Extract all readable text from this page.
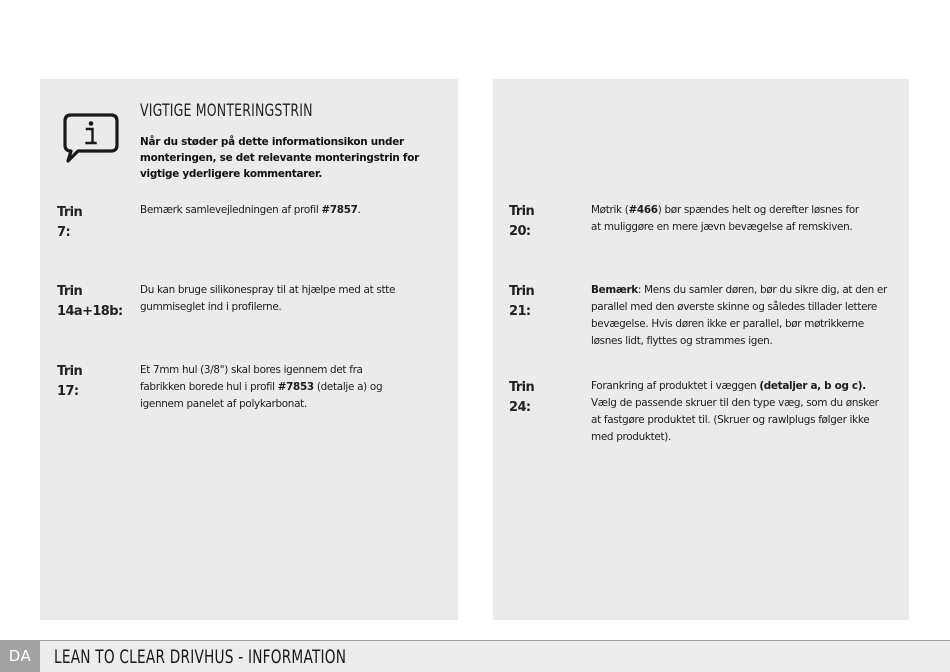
VIGTIGE MONTERINGSTRIN
Når du støder på dette informationsikon under monteringen, se det relevante monteringstrin for vigtige yderligere kommentarer.
Trin 7:
Bemærk samlevejledningen af profil #7857.
Trin
14a+18b:
Du kan bruge silikonespray til at hjælpe med at stte gummiseglet ind i profilerne.
Trin 17:
Et 7mm hul (3/8") skal bores igennem det fra fabrikken borede hul i profil #7853 (detalje a) og igennem panelet af polykarbonat.
Trin 20:
Møtrik (#466) bør spændes helt og derefter løsnes for at muliggøre en mere jævn bevægelse af remskiven.
Trin 21:
Bemærk: Mens du samler døren, bør du sikre dig, at den er parallel med den øverste skinne og således tillader lettere bevægelse. Hvis døren ikke er parallel, bør møtrikkerne løsnes lidt, flyttes og strammes igen.
Trin 24:
Forankring af produktet i væggen (detaljer a, b og c). Vælg de passende skruer til den type væg, som du ønsker at fastgøre produktet til. (Skruer og rawlplugs følger ikke med produktet).
DA	LEAN TO CLEAR DRIVHUS - INFORMATION
